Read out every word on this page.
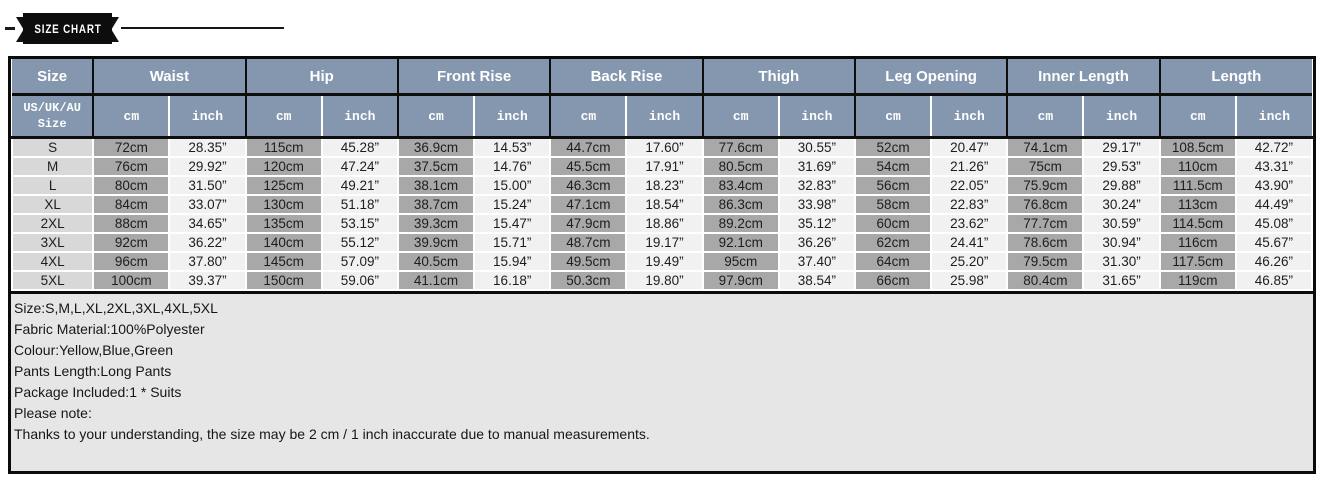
SIZE CHART
Size	Waist		Hip		Front Rise		Back Rise		Thigh		Leg Opening		Inner Length		Length	
US/UK/AU
Size	cm	inch	cm	inch	cm	inch	cm	inch	cm	inch	cm	inch	cm	inch	cm	inch
S	72cm	28.35”	115cm	45.28”	36.9cm	14.53”	44.7cm	17.60”	77.6cm	30.55”	52cm	20.47”	74.1cm	29.17”	108.5cm	42.72”
M	76cm	29.92”	120cm	47.24”	37.5cm	14.76”	45.5cm	17.91”	80.5cm	31.69”	54cm	21.26”	75cm	29.53”	110cm	43.31”
L	80cm	31.50”	125cm	49.21”	38.1cm	15.00”	46.3cm	18.23”	83.4cm	32.83”	56cm	22.05”	75.9cm	29.88”	111.5cm	43.90”
XL	84cm	33.07”	130cm	51.18”	38.7cm	15.24”	47.1cm	18.54”	86.3cm	33.98”	58cm	22.83”	76.8cm	30.24”	113cm	44.49”
2XL	88cm	34.65”	135cm	53.15”	39.3cm	15.47”	47.9cm	18.86”	89.2cm	35.12”	60cm	23.62”	77.7cm	30.59”	114.5cm	45.08”
3XL	92cm	36.22”	140cm	55.12”	39.9cm	15.71”	48.7cm	19.17”	92.1cm	36.26”	62cm	24.41”	78.6cm	30.94”	116cm	45.67”
4XL	96cm	37.80”	145cm	57.09”	40.5cm	15.94”	49.5cm	19.49”	95cm	37.40”	64cm	25.20”	79.5cm	31.30”	117.5cm	46.26”
5XL	100cm	39.37”	150cm	59.06”	41.1cm	16.18”	50.3cm	19.80”	97.9cm	38.54”	66cm	25.98”	80.4cm	31.65”	119cm	46.85”
Size:S,M,L,XL,2XL,3XL,4XL,5XL
Fabric Material:100%Polyester
Colour:Yellow,Blue,Green
Pants Length:Long Pants
Package Included:1 * Suits
Please note:
Thanks to your understanding, the size may be 2 cm / 1 inch inaccurate due to manual measurements.
